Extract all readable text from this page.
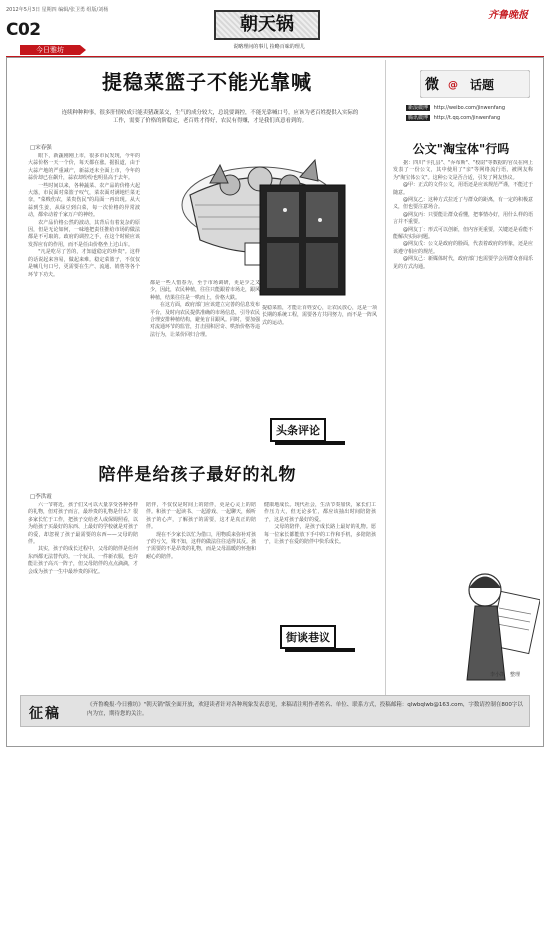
2012年5月3日 星期四 编辑/张卫勇 组版/刘杨
C02
今日雅坊
朝天锅
说略理问的事儿 捡略百味的理儿
齐鲁晚报
提稳菜篮子不能光靠喊
连续种种种事，很多肝情收成只能卖猪蔬菜交，生气的成分较大，总说要调控，不能光靠喊口号，应该为老百姓提供入实际的工作，需要了价格的阶稳定，老百姓才得好，农民有得赚，才是我们真意看到的。
□宋春强
　　眼下，新蔬刚刚上市，很多市民发现，今年的大蒜价格一天一个价，每天都在涨。据报道，由于大蒜产地的严重减产，新蒜还未全面上市，今年的蒜价却已在飙升，蒜农却纷纷也明显高于去年。
　　一些时间以来，各种蔬菜、农产品的价格大起大落，市民面对菜篮子叹气，菜农面对满地烂菜无奈，"菜贱伤农，菜贵伤民"的局面一再出现。从大蒜到生姜，从绿豆到白菜，每一次价格的异常波动，都牵动着千家万户的神经。
　　农产品价格公然的波动，其背后有着复杂的原因，但是无论如何，一味地把责任推给市场的做法都是不可取的。政府的调控之手，在这个时候应该发挥应有的作用，而不是任由价格坐上过山车。
　　"凡是吃尽了苦的，才知道稳定的珍贵"。这样的话说起来容易，做起来难。稳定菜篮子，不仅仅是喊几句口号，更需要在生产、流通、销售等各个环节下功夫。
都是一些人惜春为，至于市场调研，更是少之又少，因此，农民种植，往往只能跟着市场走，跟风种植，结果往往是一哄而上，价格大跌。
　　在这方面，政府部门应该建立完善的信息发布平台，及时向农民提供准确的市场信息，引导农民合理安排种植结构，避免盲目跟风。同时，要加强对流通环节的监管，打击囤积居奇、哄抬价格等违法行为，让菜价回归合理。
提稳菜篮，才能让百姓安心，让农民放心，这是一项长期的系统工程，需要各方共同努力，而不是一阵风式的运动。
头条评论
陪伴是给孩子最好的礼物
□李洪霞
　　六一节将近，孩子们又可以大量享受各种各样的礼物，但对孩子而言，最珍贵的礼物是什么？很多家长忙于工作，把孩子交给老人或保姆照看，以为给孩子买最好的东西、上最好的学校就是对孩子的爱，却忽视了孩子最需要的东西——父母的陪伴。
　　其实，孩子的成长过程中，父母的陪伴是任何东西都无法替代的。一个玩具、一件新衣服，也许能让孩子高兴一阵子，但父母陪伴的点点滴滴，才会成为孩子一生中最珍贵的回忆。
陪伴，不仅仅是时间上的陪伴，更是心灵上的陪伴。和孩子一起读书、一起游戏、一起聊天，倾听孩子的心声，了解孩子的需要，这才是真正的陪伴。
　　现在不少家长以忙为借口，用物质来弥补对孩子的亏欠，殊不知，这样的做法往往适得其反。孩子需要的不是昂贵的礼物，而是父母温暖的怀抱和耐心的陪伴。
健康地成长。现代社会，生活节奏加快，家长们工作压力大，但无论多忙，都应该抽出时间陪陪孩子，这是对孩子最好的爱。
　　父母的陪伴，是孩子成长路上最好的礼物。愿每一位家长都能放下手中的工作和手机，多陪陪孩子，让孩子在爱的陪伴中快乐成长。
街谈巷议
微 @ 话题
新浪微博 http://weibo.com/jinwenfang
腾讯微博 http://t.qq.com/jinwenfang
公文"淘宝体"行吗
　　据：四川"卡扎县"、"乔布斯"、"校尉"等数据的官员在网上发表了一份公文，其中使用了"亲"等网络流行语，被网友称为"淘宝体公文"。这种公文是否合适，引发了网友热议。
　　@甲：正式的文件公文，用语还是应该规范严谨，不能过于随意。
　　@网友乙：这种方式拉近了与群众的距离，有一定的积极意义，但也要注意场合。
　　@网友丙：只要能让群众看懂，把事情办好，用什么样的语言并不重要。
　　@网友丁：形式可以创新，但内容更重要，关键还是看能不能解决实际问题。
　　@网友戊：公文是政府的脸面，代表着政府的形象，还是应该遵守相应的规范。
　　@网友己：新媒体时代，政府部门也需要学会用群众喜闻乐见的方式沟通。
李小凯　整理
征稿
《齐鲁晚报·今日雅坊》"朝天锅"版全面开放，欢迎读者针对各种现象发表意见，来稿请注明作者姓名、单位、联系方式，投稿邮箱：qlwbqlwb@163.com，字数请控制在800字以内为宜，期待您的关注。
